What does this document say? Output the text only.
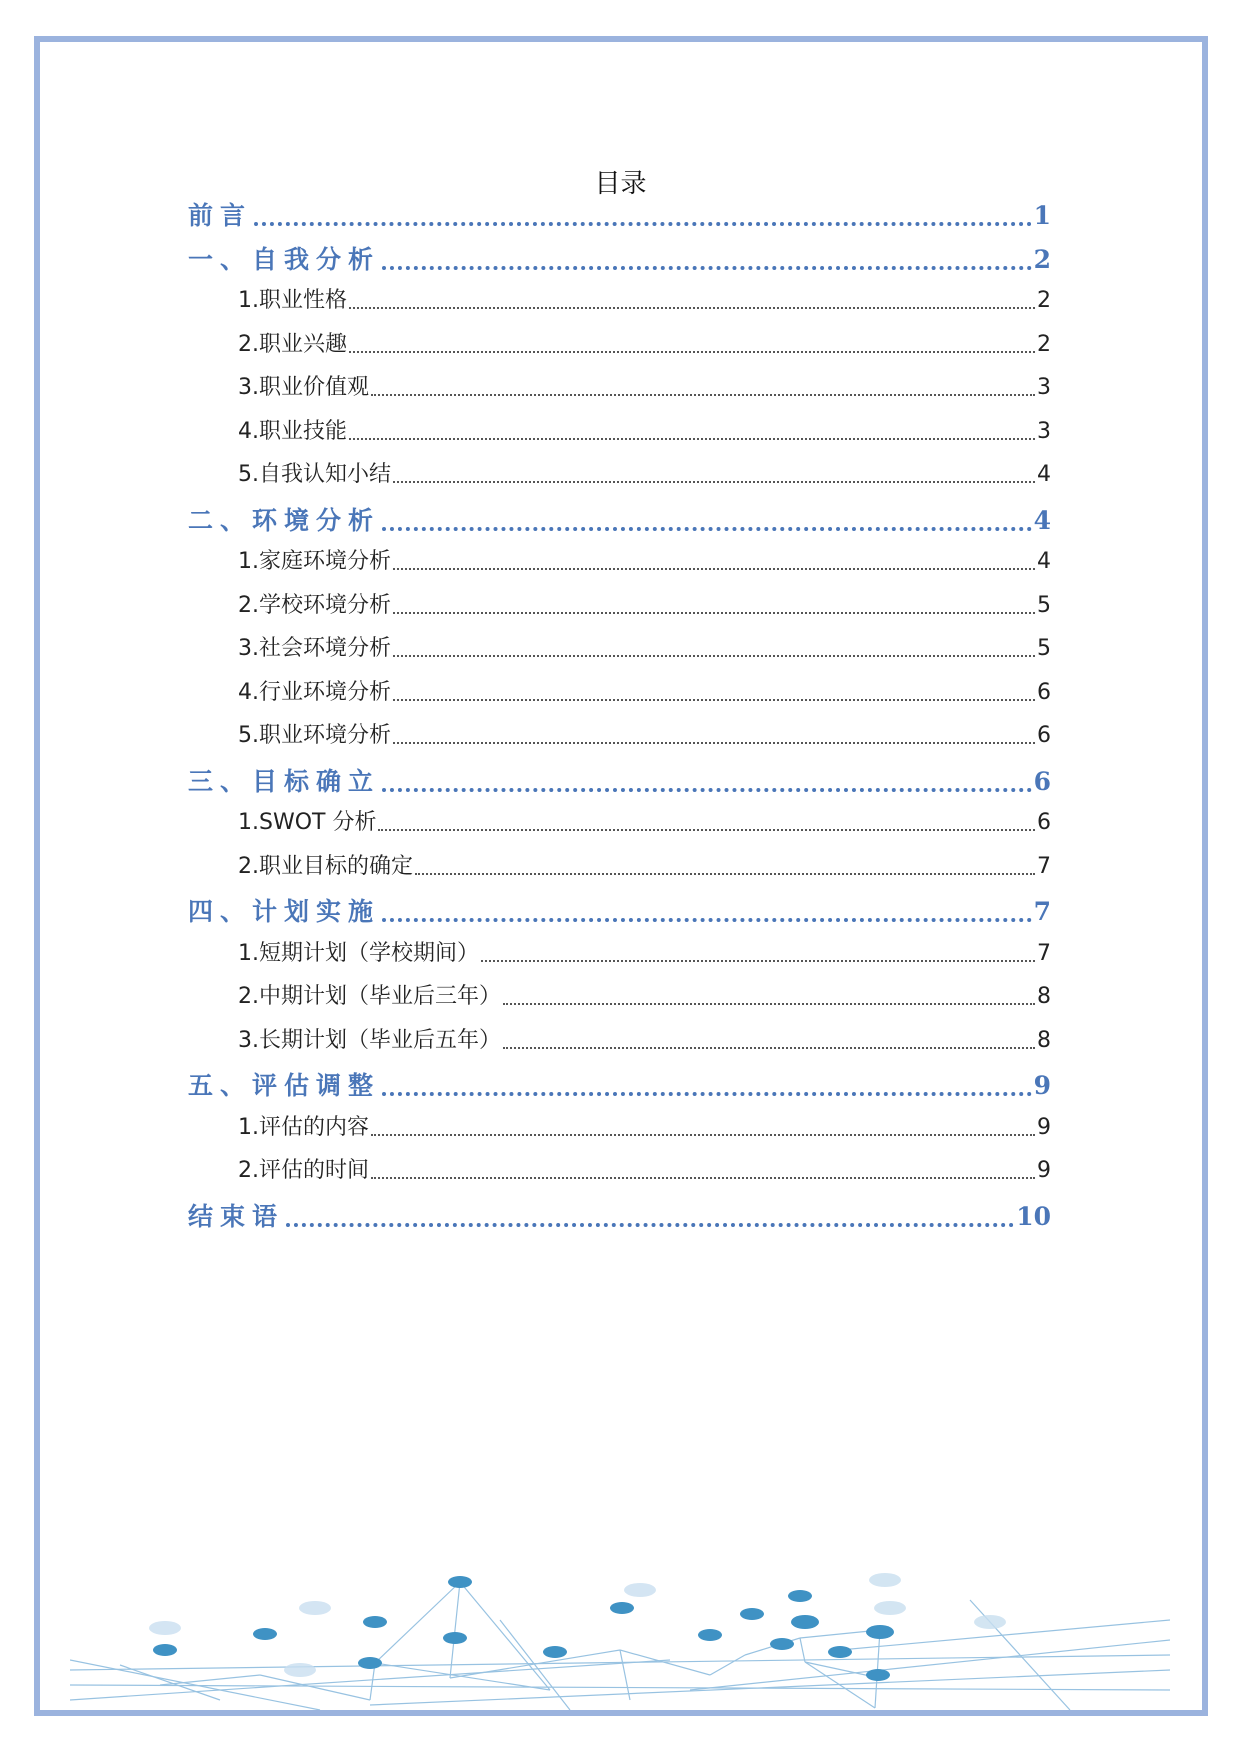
目录
前言	1
一、自我分析	2
1.职业性格	2
2.职业兴趣	2
3.职业价值观	3
4.职业技能	3
5.自我认知小结	4
二、环境分析	4
1.家庭环境分析	4
2.学校环境分析	5
3.社会环境分析	5
4.行业环境分析	6
5.职业环境分析	6
三、目标确立	6
1.SWOT 分析	6
2.职业目标的确定	7
四、计划实施	7
1.短期计划（学校期间）	7
2.中期计划（毕业后三年）	8
3.长期计划（毕业后五年）	8
五、评估调整	9
1.评估的内容	9
2.评估的时间	9
结束语	10
